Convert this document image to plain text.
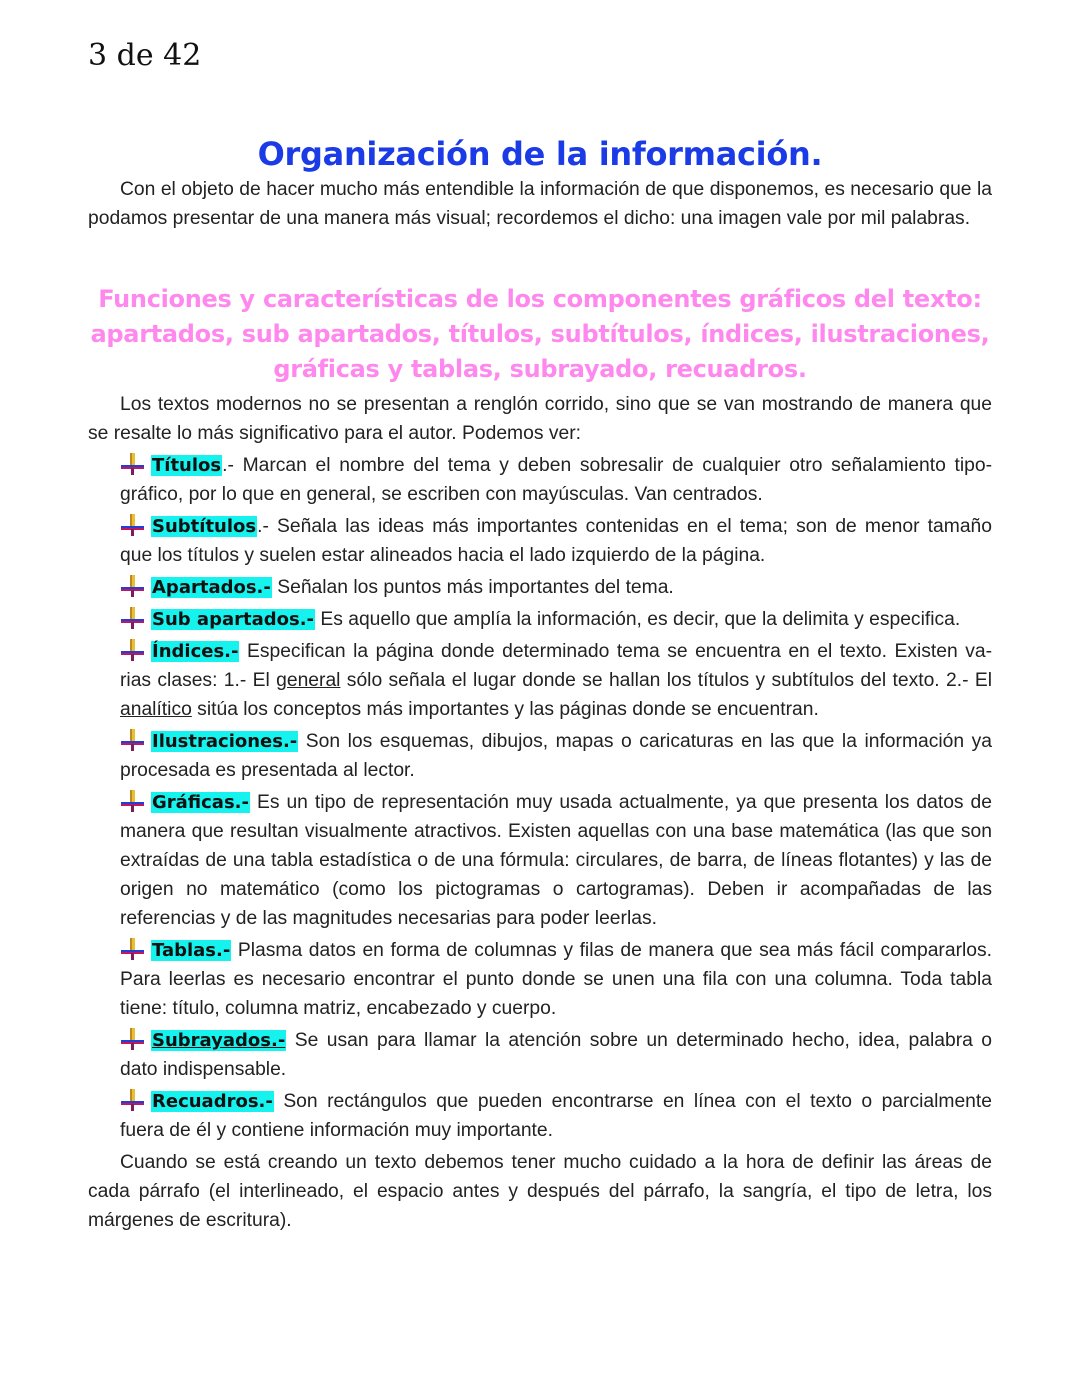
3 de 42
Organización de la información.

Con el objeto de hacer mucho más entendible la información de que disponemos, es necesario que la podamos presentar de una manera más visual; recordemos el dicho: una imagen vale por mil palabras.

Funciones y características de los componentes gráficos del texto: apartados, sub apartados, títulos, subtítulos, índices, ilustraciones, gráficas y tablas, subrayado, recuadros.

Los textos modernos no se presentan a renglón corrido, sino que se van mostrando de manera que se resalte lo más significativo para el autor. Podemos ver:

Títulos.- Marcan el nombre del tema y deben sobresalir de cualquier otro señalamiento tipo-gráfico, por lo que en general, se escriben con mayúsculas. Van centrados.
Subtítulos.- Señala las ideas más importantes contenidas en el tema; son de menor tamaño que los títulos y suelen estar alineados hacia el lado izquierdo de la página.
Apartados.- Señalan los puntos más importantes del tema.
Sub apartados.- Es aquello que amplía la información, es decir, que la delimita y especifica.
Índices.- Especifican la página donde determinado tema se encuentra en el texto. Existen va-rias clases: 1.- El general sólo señala el lugar donde se hallan los títulos y subtítulos del texto. 2.- El analítico sitúa los conceptos más importantes y las páginas donde se encuentran.
Ilustraciones.- Son los esquemas, dibujos, mapas o caricaturas en las que la información ya procesada es presentada al lector.
Gráficas.- Es un tipo de representación muy usada actualmente, ya que presenta los datos de manera que resultan visualmente atractivos. Existen aquellas con una base matemática (las que son extraídas de una tabla estadística o de una fórmula: circulares, de barra, de líneas flotantes) y las de origen no matemático (como los pictogramas o cartogramas). Deben ir acompañadas de las referencias y de las magnitudes necesarias para poder leerlas.
Tablas.- Plasma datos en forma de columnas y filas de manera que sea más fácil compararlos. Para leerlas es necesario encontrar el punto donde se unen una fila con una columna. Toda tabla tiene: título, columna matriz, encabezado y cuerpo.
Subrayados.- Se usan para llamar la atención sobre un determinado hecho, idea, palabra o dato indispensable.
Recuadros.- Son rectángulos que pueden encontrarse en línea con el texto o parcialmente fuera de él y contiene información muy importante.

Cuando se está creando un texto debemos tener mucho cuidado a la hora de definir las áreas de cada párrafo (el interlineado, el espacio antes y después del párrafo, la sangría, el tipo de letra, los márgenes de escritura).
